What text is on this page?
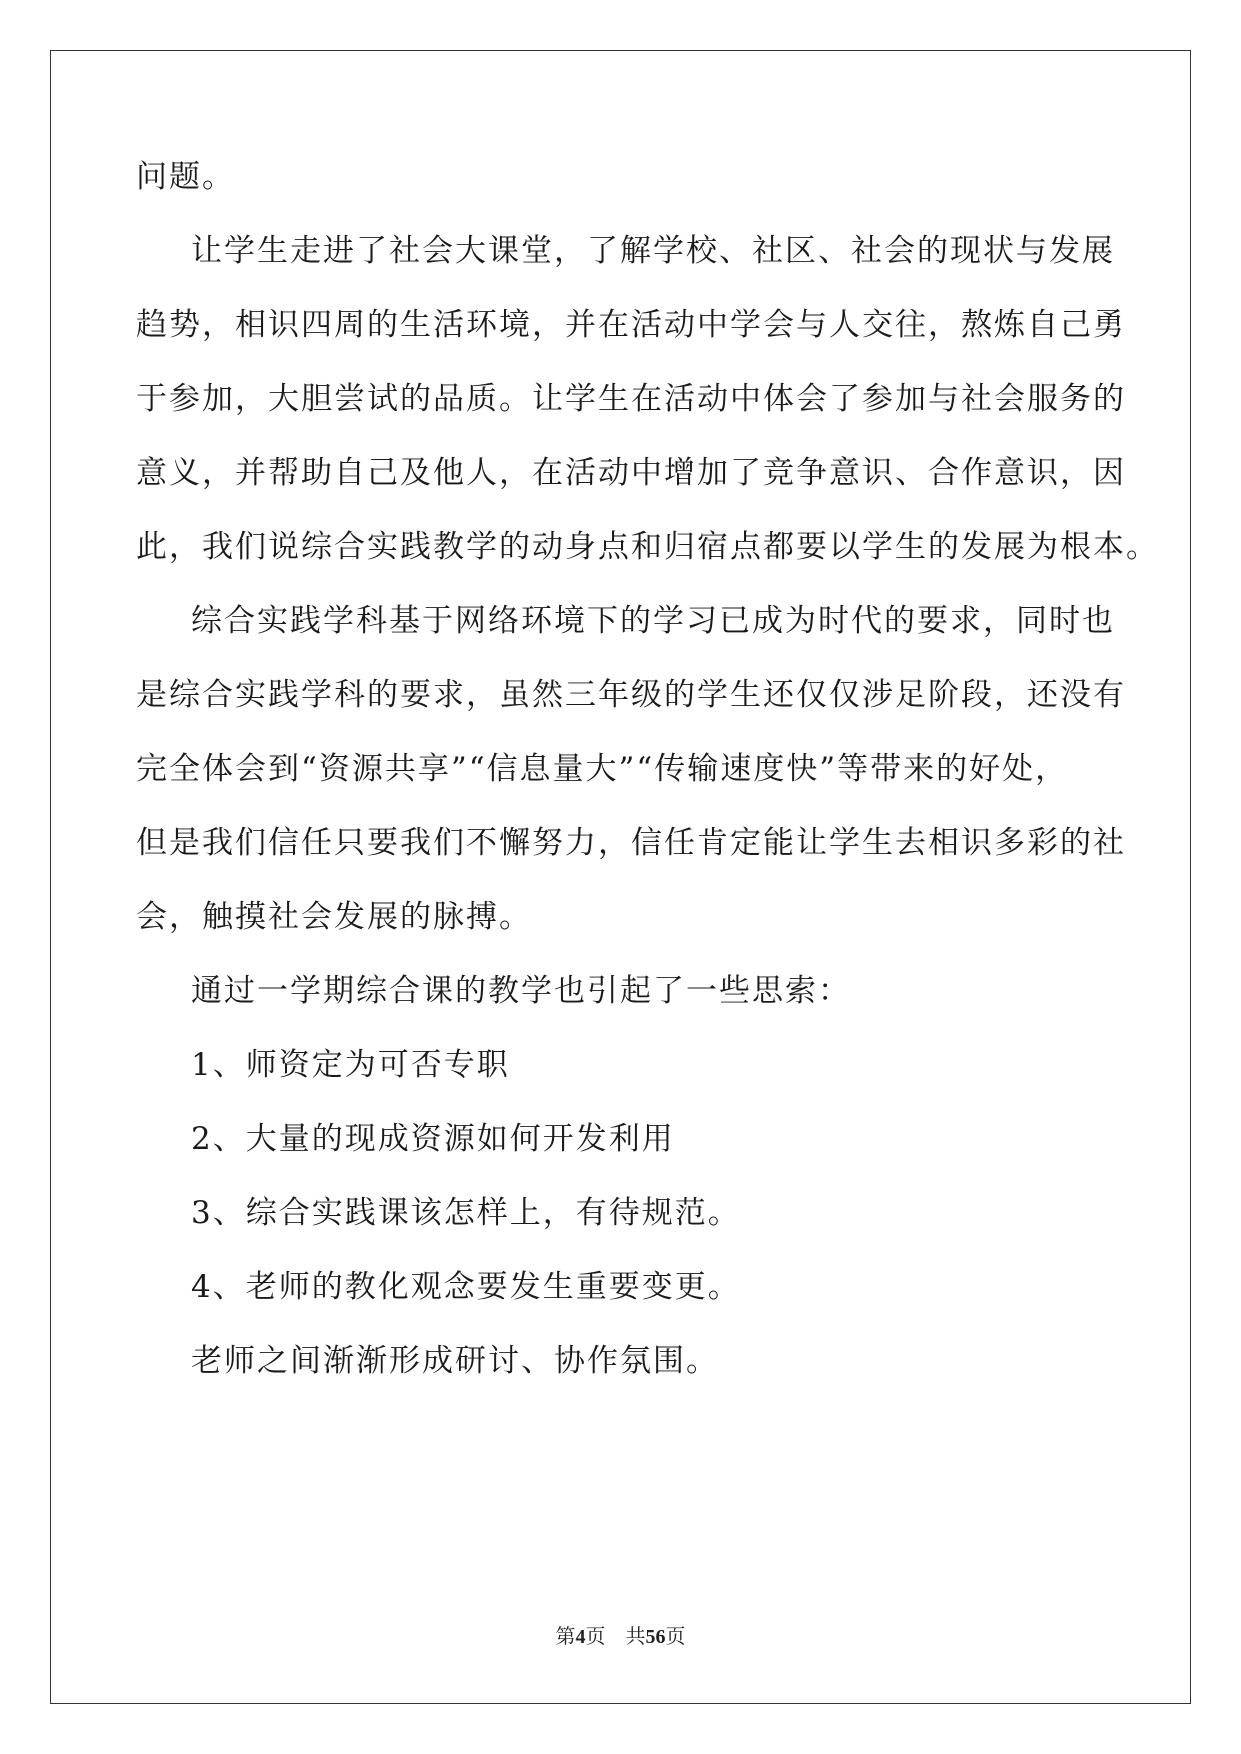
问题。
让学生走进了社会大课堂，了解学校、社区、社会的现状与发展
趋势，相识四周的生活环境，并在活动中学会与人交往，熬炼自己勇
于参加，大胆尝试的品质。让学生在活动中体会了参加与社会服务的
意义，并帮助自己及他人，在活动中增加了竞争意识、合作意识，因
此，我们说综合实践教学的动身点和归宿点都要以学生的发展为根本。
综合实践学科基于网络环境下的学习已成为时代的要求，同时也
是综合实践学科的要求，虽然三年级的学生还仅仅涉足阶段，还没有
完全体会到“资源共享”“信息量大”“传输速度快”等带来的好处，
但是我们信任只要我们不懈努力，信任肯定能让学生去相识多彩的社
会，触摸社会发展的脉搏。
通过一学期综合课的教学也引起了一些思索：
1、师资定为可否专职
2、大量的现成资源如何开发利用
3、综合实践课该怎样上，有待规范。
4、老师的教化观念要发生重要变更。
老师之间渐渐形成研讨、协作氛围。
第4页 共56页
